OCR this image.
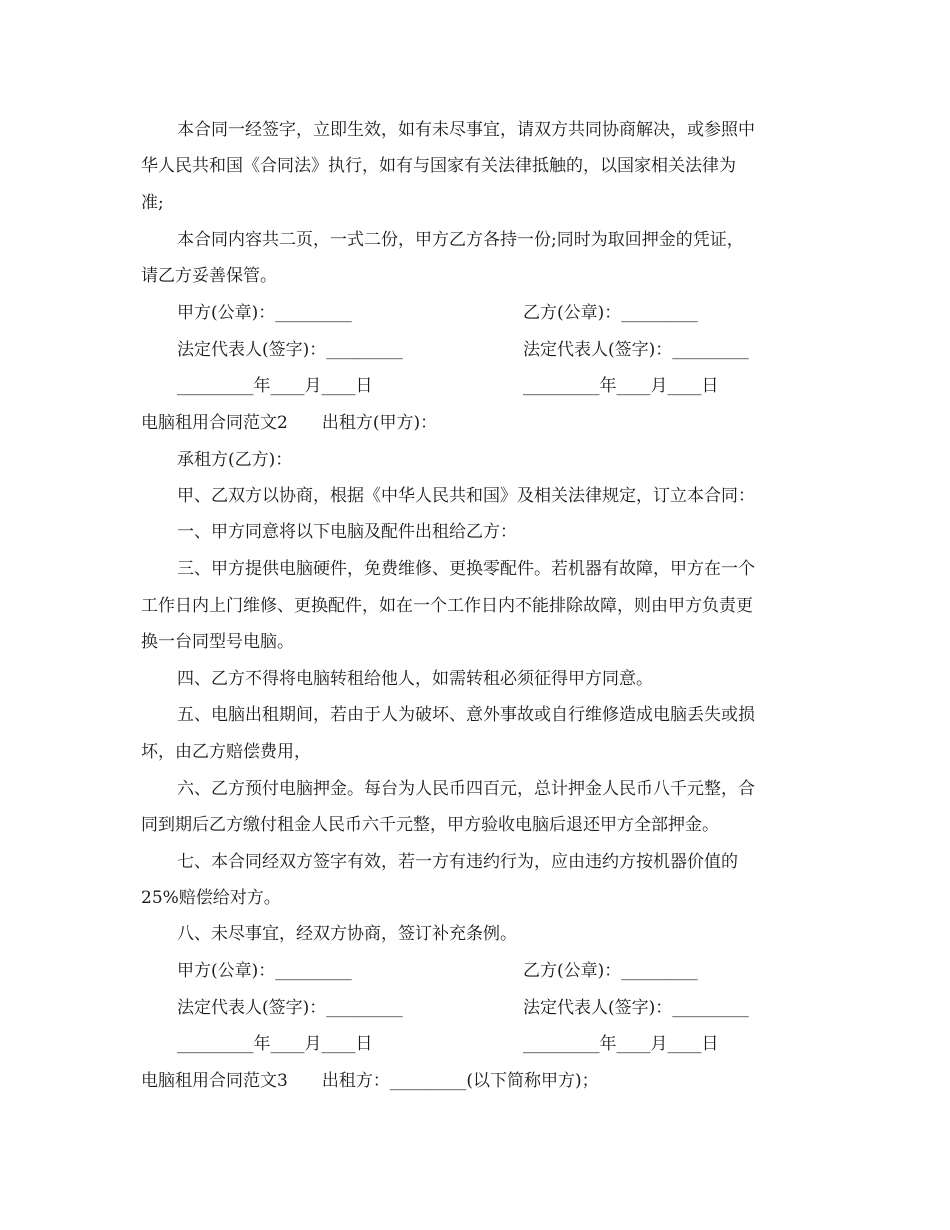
本合同一经签字，立即生效，如有未尽事宜，请双方共同协商解决，或参照中
华人民共和国《合同法》执行，如有与国家有关法律抵触的，以国家相关法律为
准;
本合同内容共二页，一式二份，甲方乙方各持一份;同时为取回押金的凭证，
请乙方妥善保管。
甲方(公章)：_________	乙方(公章)：_________
法定代表人(签字)：_________	法定代表人(签字)：_________
_________年____月____日	_________年____月____日
电脑租用合同范文2　　出租方(甲方)：
承租方(乙方)：
甲、乙双方以协商，根据《中华人民共和国》及相关法律规定，订立本合同：
一、甲方同意将以下电脑及配件出租给乙方：
三、甲方提供电脑硬件，免费维修、更换零配件。若机器有故障，甲方在一个
工作日内上门维修、更换配件，如在一个工作日内不能排除故障，则由甲方负责更
换一台同型号电脑。
四、乙方不得将电脑转租给他人，如需转租必须征得甲方同意。
五、电脑出租期间，若由于人为破坏、意外事故或自行维修造成电脑丢失或损
坏，由乙方赔偿费用，
六、乙方预付电脑押金。每台为人民币四百元，总计押金人民币八千元整，合
同到期后乙方缴付租金人民币六千元整，甲方验收电脑后退还甲方全部押金。
七、本合同经双方签字有效，若一方有违约行为，应由违约方按机器价值的
25%赔偿给对方。
八、未尽事宜，经双方协商，签订补充条例。
甲方(公章)：_________	乙方(公章)：_________
法定代表人(签字)：_________	法定代表人(签字)：_________
_________年____月____日	_________年____月____日
电脑租用合同范文3　　出租方：_________(以下简称甲方)；
